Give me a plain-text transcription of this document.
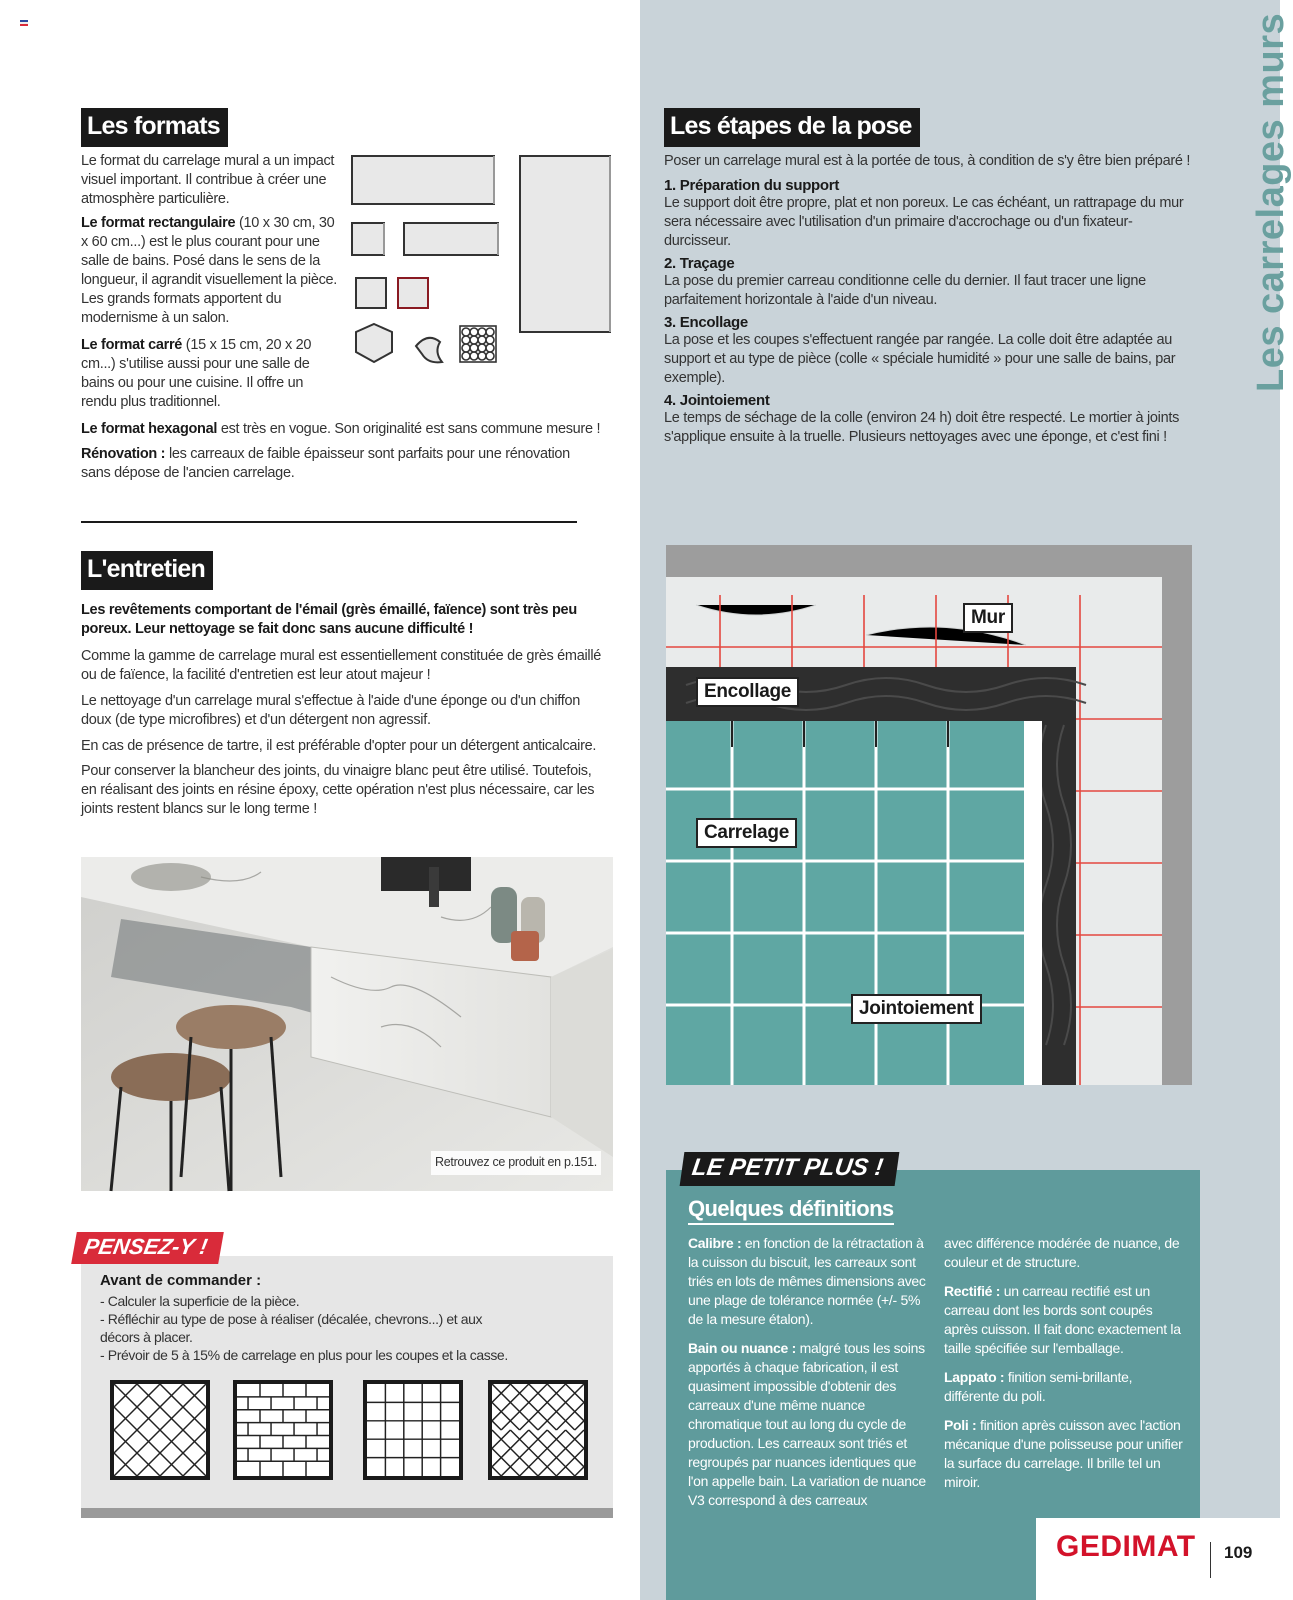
Les formats
Le format du carrelage mural a un impact visuel important. Il contribue à créer une atmosphère particulière.
Le format rectangulaire (10 x 30 cm, 30 x 60 cm...) est le plus courant pour une salle de bains. Posé dans le sens de la longueur, il agrandit visuellement la pièce. Les grands formats apportent du modernisme à un salon.
Le format carré (15 x 15 cm, 20 x 20 cm...) s'utilise aussi pour une salle de bains ou pour une cuisine. Il offre un rendu plus traditionnel.
Le format hexagonal est très en vogue. Son originalité est sans commune mesure !
Rénovation : les carreaux de faible épaisseur sont parfaits pour une rénovation sans dépose de l'ancien carrelage.
L'entretien
Les revêtements comportant de l'émail (grès émaillé, faïence) sont très peu poreux. Leur nettoyage se fait donc sans aucune difficulté !
Comme la gamme de carrelage mural est essentiellement constituée de grès émaillé ou de faïence, la facilité d'entretien est leur atout majeur !
Le nettoyage d'un carrelage mural s'effectue à l'aide d'une éponge ou d'un chiffon doux (de type microfibres) et d'un détergent non agressif.
En cas de présence de tartre, il est préférable d'opter pour un détergent anticalcaire.
Pour conserver la blancheur des joints, du vinaigre blanc peut être utilisé. Toutefois, en réalisant des joints en résine époxy, cette opération n'est plus nécessaire, car les joints restent blancs sur le long terme !
Retrouvez ce produit en p.151.
PENSEZ-Y !
Avant de commander :
- Calculer la superficie de la pièce.
- Réfléchir au type de pose à réaliser (décalée, chevrons...) et aux décors à placer.
- Prévoir de 5 à 15% de carrelage en plus pour les coupes et la casse.
Les étapes de la pose
Poser un carrelage mural est à la portée de tous, à condition de s'y être bien préparé !
1. Préparation du support
Le support doit être propre, plat et non poreux. Le cas échéant, un rattrapage du mur sera nécessaire avec l'utilisation d'un primaire d'accrochage ou d'un fixateur-durcisseur.
2. Traçage
La pose du premier carreau conditionne celle du dernier. Il faut tracer une ligne parfaitement horizontale à l'aide d'un niveau.
3. Encollage
La pose et les coupes s'effectuent rangée par rangée. La colle doit être adaptée au support et au type de pièce (colle « spéciale humidité » pour une salle de bains, par exemple).
4. Jointoiement
Le temps de séchage de la colle (environ 24 h) doit être respecté. Le mortier à joints s'applique ensuite à la truelle. Plusieurs nettoyages avec une éponge, et c'est fini !
Les carrelages murs
Mur
Encollage
Carrelage
Jointoiement
LE PETIT PLUS !
Quelques définitions
Calibre : en fonction de la rétractation à la cuisson du biscuit, les carreaux sont triés en lots de mêmes dimensions avec une plage de tolérance normée (+/- 5% de la mesure étalon).
Bain ou nuance : malgré tous les soins apportés à chaque fabrication, il est quasiment impossible d'obtenir des carreaux d'une même nuance chromatique tout au long du cycle de production. Les carreaux sont triés et regroupés par nuances identiques que l'on appelle bain. La variation de nuance V3 correspond à des carreaux
avec différence modérée de nuance, de couleur et de structure.
Rectifié : un carreau rectifié est un carreau dont les bords sont coupés après cuisson. Il fait donc exactement la taille spécifiée sur l'emballage.
Lappato : finition semi-brillante, différente du poli.
Poli : finition après cuisson avec l'action mécanique d'une polisseuse pour unifier la surface du carrelage. Il brille tel un miroir.
GEDIMAT 109
